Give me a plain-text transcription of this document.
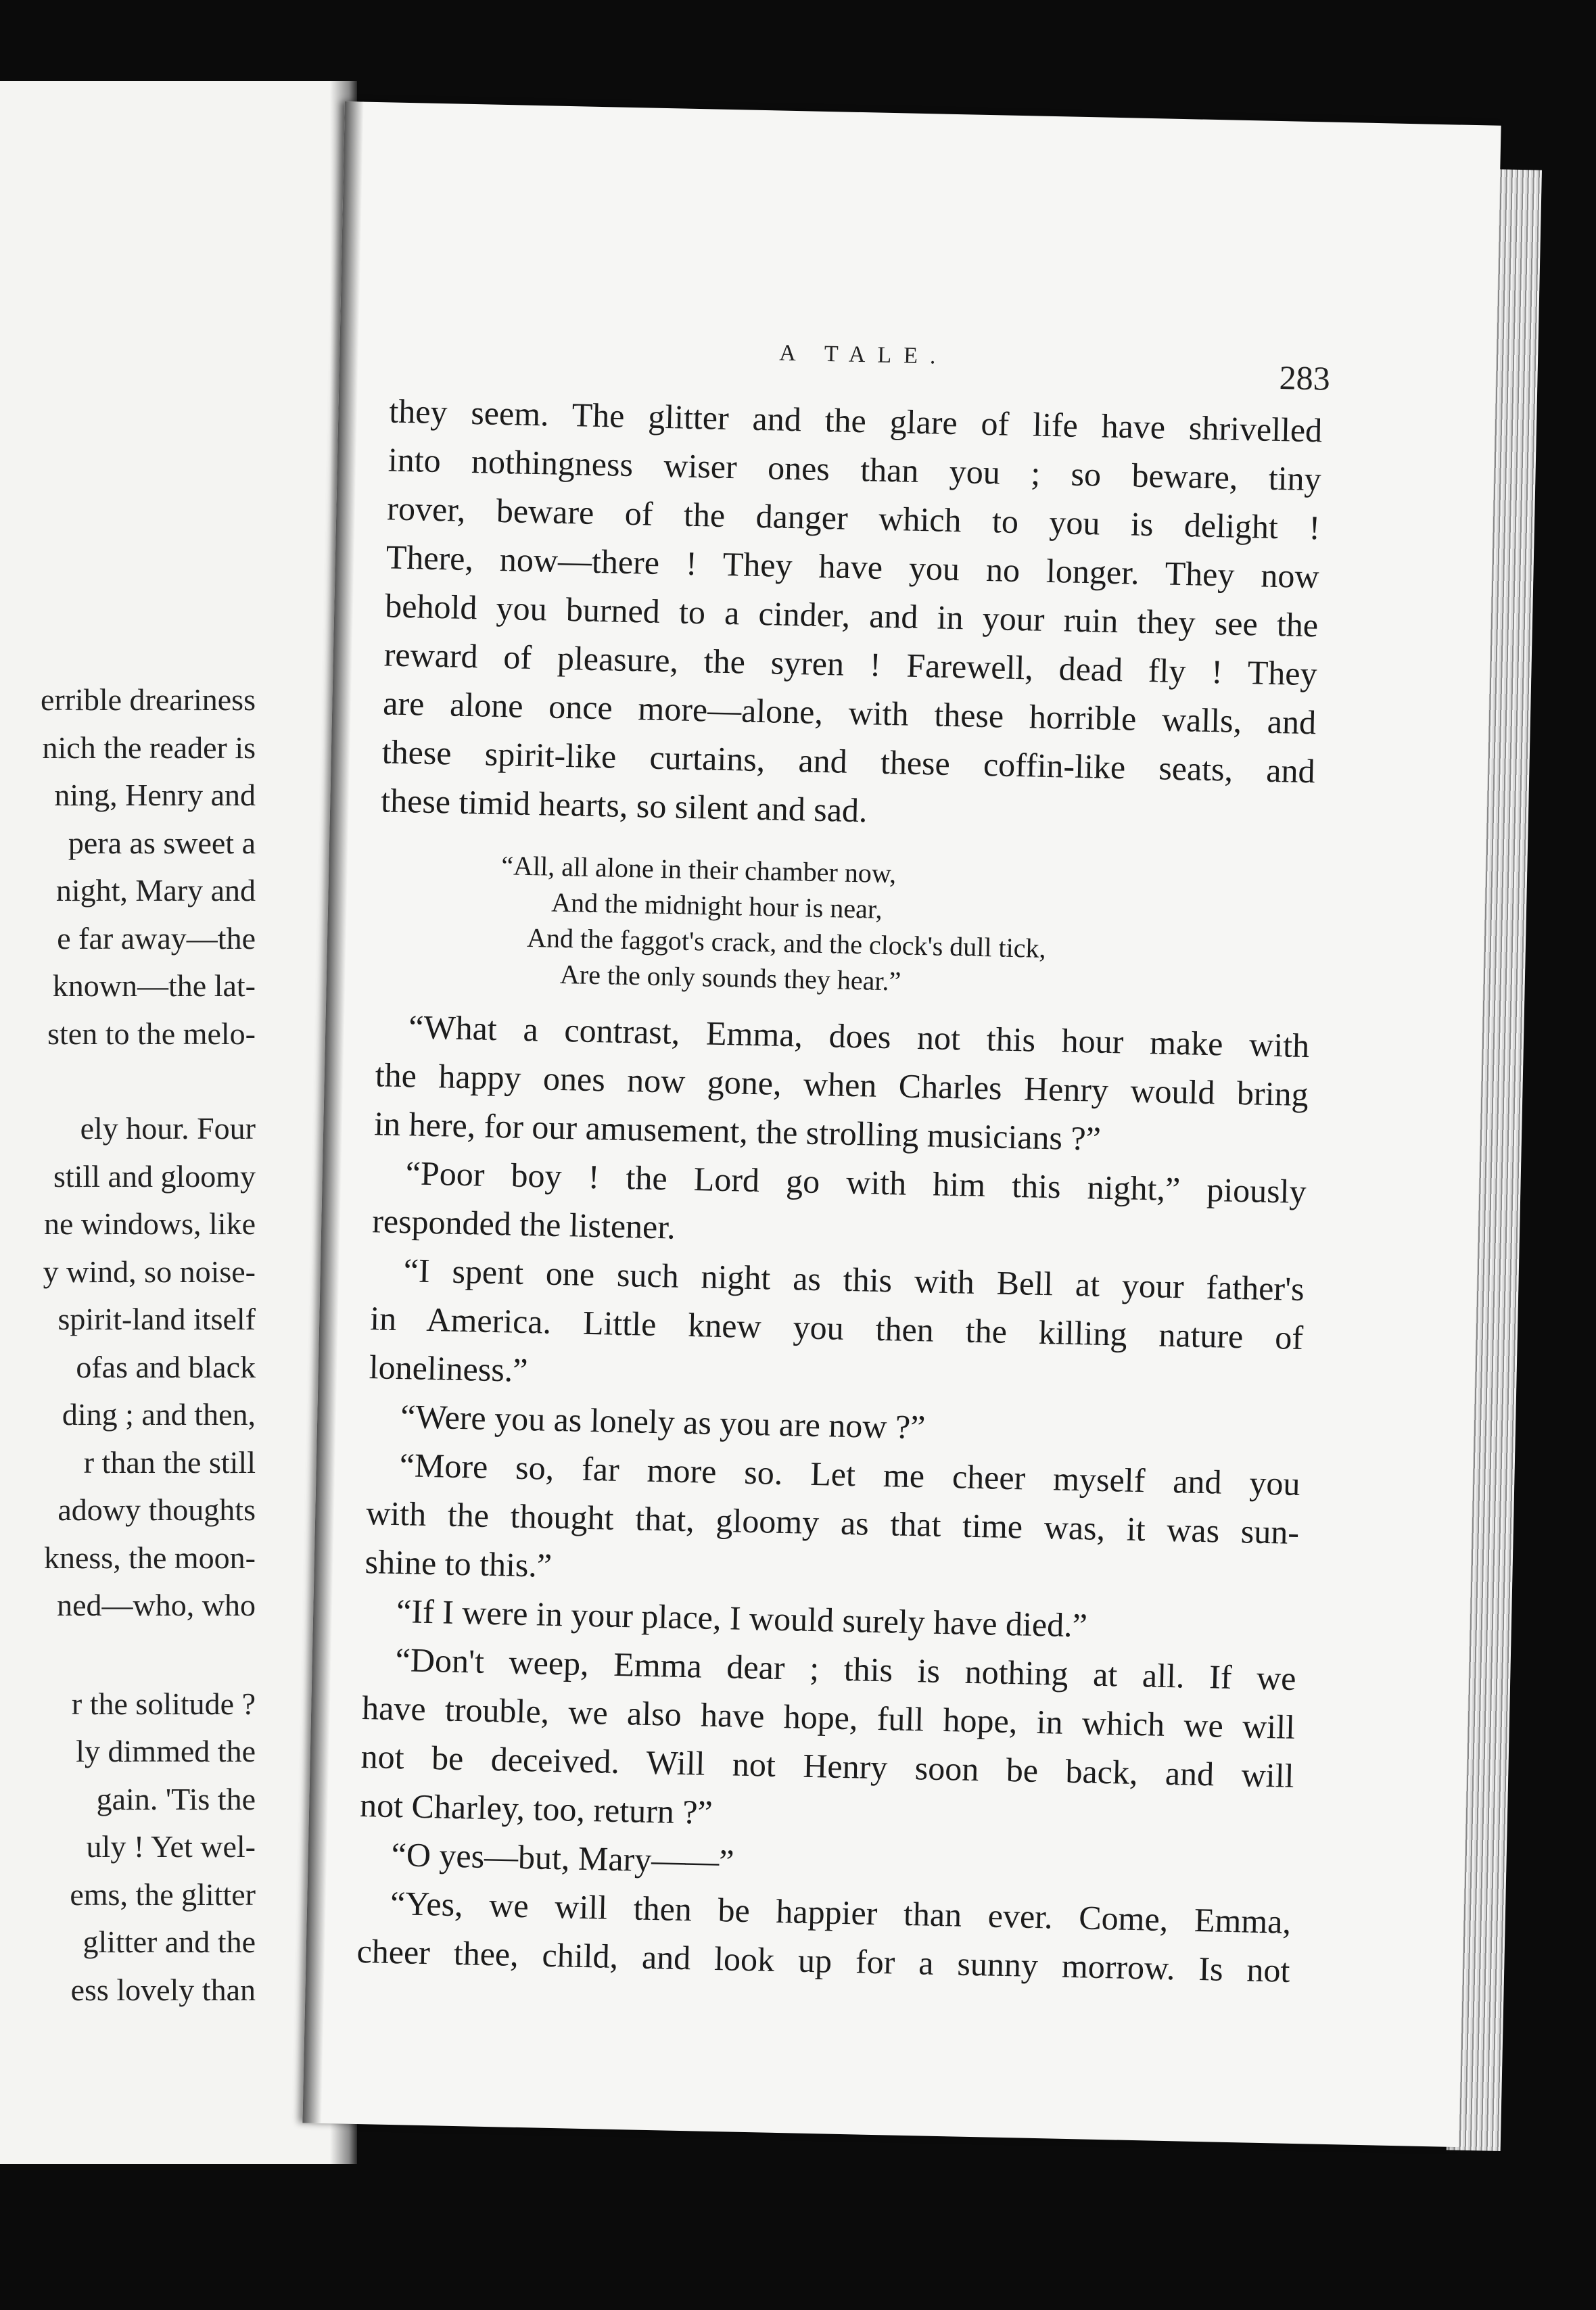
errible dreariness
nich the reader is
ning, Henry and
pera as sweet a
night, Mary and
e far away—the
known—the lat-
sten to the melo-
ely hour. Four
still and gloomy
ne windows, like
y wind, so noise-
spirit-land itself
ofas and black
ding ; and then,
r than the still
adowy thoughts
kness, the moon-
ned—who, who
r the solitude ?
ly dimmed the
gain. 'Tis the
uly ! Yet wel-
ems, the glitter
glitter and the
ess lovely than
A TALE.
283
they seem. The glitter and the glare of life have shrivelled
into nothingness wiser ones than you ; so beware, tiny
rover, beware of the danger which to you is delight !
There, now—there ! They have you no longer. They now
behold you burned to a cinder, and in your ruin they see the
reward of pleasure, the syren ! Farewell, dead fly ! They
are alone once more—alone, with these horrible walls, and
these spirit-like curtains, and these coffin-like seats, and
these timid hearts, so silent and sad.
“All, all alone in their chamber now,
And the midnight hour is near,
And the faggot's crack, and the clock's dull tick,
Are the only sounds they hear.”
“What a contrast, Emma, does not this hour make with
the happy ones now gone, when Charles Henry would bring
in here, for our amusement, the strolling musicians ?”
“Poor boy ! the Lord go with him this night,” piously
responded the listener.
“I spent one such night as this with Bell at your father's
in America. Little knew you then the killing nature of
loneliness.”
“Were you as lonely as you are now ?”
“More so, far more so. Let me cheer myself and you
with the thought that, gloomy as that time was, it was sun-
shine to this.”
“If I were in your place, I would surely have died.”
“Don't weep, Emma dear ; this is nothing at all. If we
have trouble, we also have hope, full hope, in which we will
not be deceived. Will not Henry soon be back, and will
not Charley, too, return ?”
“O yes—but, Mary——”
“Yes, we will then be happier than ever. Come, Emma,
cheer thee, child, and look up for a sunny morrow. Is not
